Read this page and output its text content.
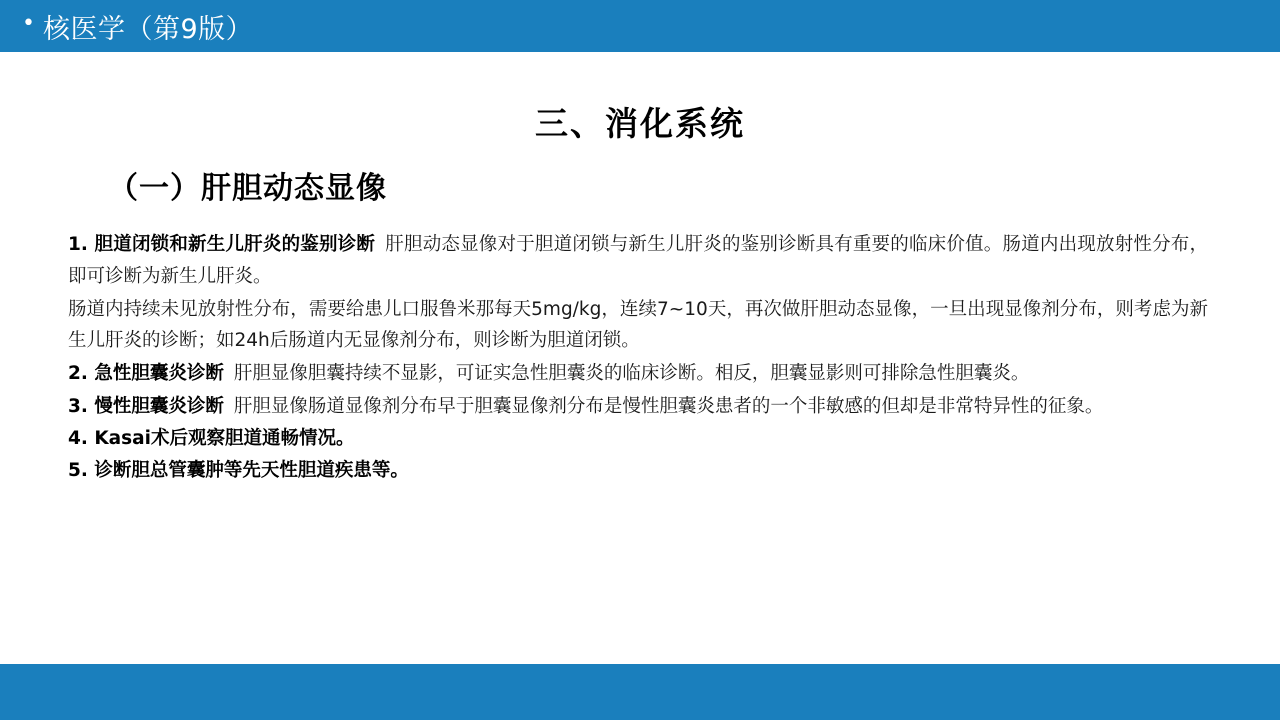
• 核医学（第9版）
三、消化系统
（一）肝胆动态显像

1. 胆道闭锁和新生儿肝炎的鉴别诊断 肝胆动态显像对于胆道闭锁与新生儿肝炎的鉴别诊断具有重要的临床价值。肠道内出现放射性分布，即可诊断为新生儿肝炎。

肠道内持续未见放射性分布，需要给患儿口服鲁米那每天5mg/kg，连续7~10天，再次做肝胆动态显像，一旦出现显像剂分布，则考虑为新生儿肝炎的诊断；如24h后肠道内无显像剂分布，则诊断为胆道闭锁。

2. 急性胆囊炎诊断 肝胆显像胆囊持续不显影，可证实急性胆囊炎的临床诊断。相反，胆囊显影则可排除急性胆囊炎。

3. 慢性胆囊炎诊断 肝胆显像肠道显像剂分布早于胆囊显像剂分布是慢性胆囊炎患者的一个非敏感的但却是非常特异性的征象。

4. Kasai术后观察胆道通畅情况。

5. 诊断胆总管囊肿等先天性胆道疾患等。
